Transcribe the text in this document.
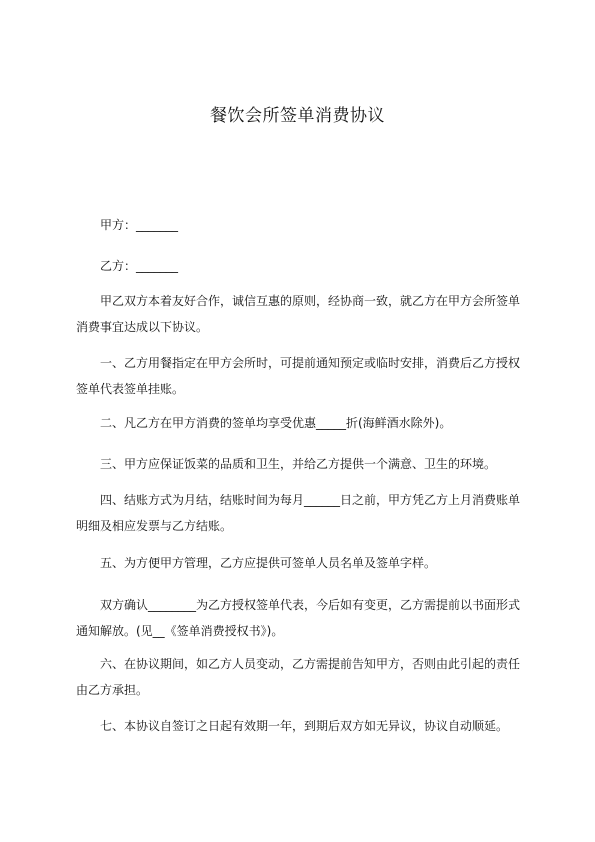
餐饮会所签单消费协议

甲方：_______

乙方：_______

甲乙双方本着友好合作，诚信互惠的原则，经协商一致，就乙方在甲方会所签单消费事宜达成以下协议。

一、乙方用餐指定在甲方会所时，可提前通知预定或临时安排，消费后乙方授权签单代表签单挂账。

二、凡乙方在甲方消费的签单均享受优惠_____折(海鲜酒水除外)。

三、甲方应保证饭菜的品质和卫生，并给乙方提供一个满意、卫生的环境。

四、结账方式为月结，结账时间为每月______日之前，甲方凭乙方上月消费账单明细及相应发票与乙方结账。

五、为方便甲方管理，乙方应提供可签单人员名单及签单字样。

双方确认________为乙方授权签单代表，今后如有变更，乙方需提前以书面形式通知解放。(见__《签单消费授权书》)。

六、在协议期间，如乙方人员变动，乙方需提前告知甲方，否则由此引起的责任由乙方承担。

七、本协议自签订之日起有效期一年，到期后双方如无异议，协议自动顺延。
